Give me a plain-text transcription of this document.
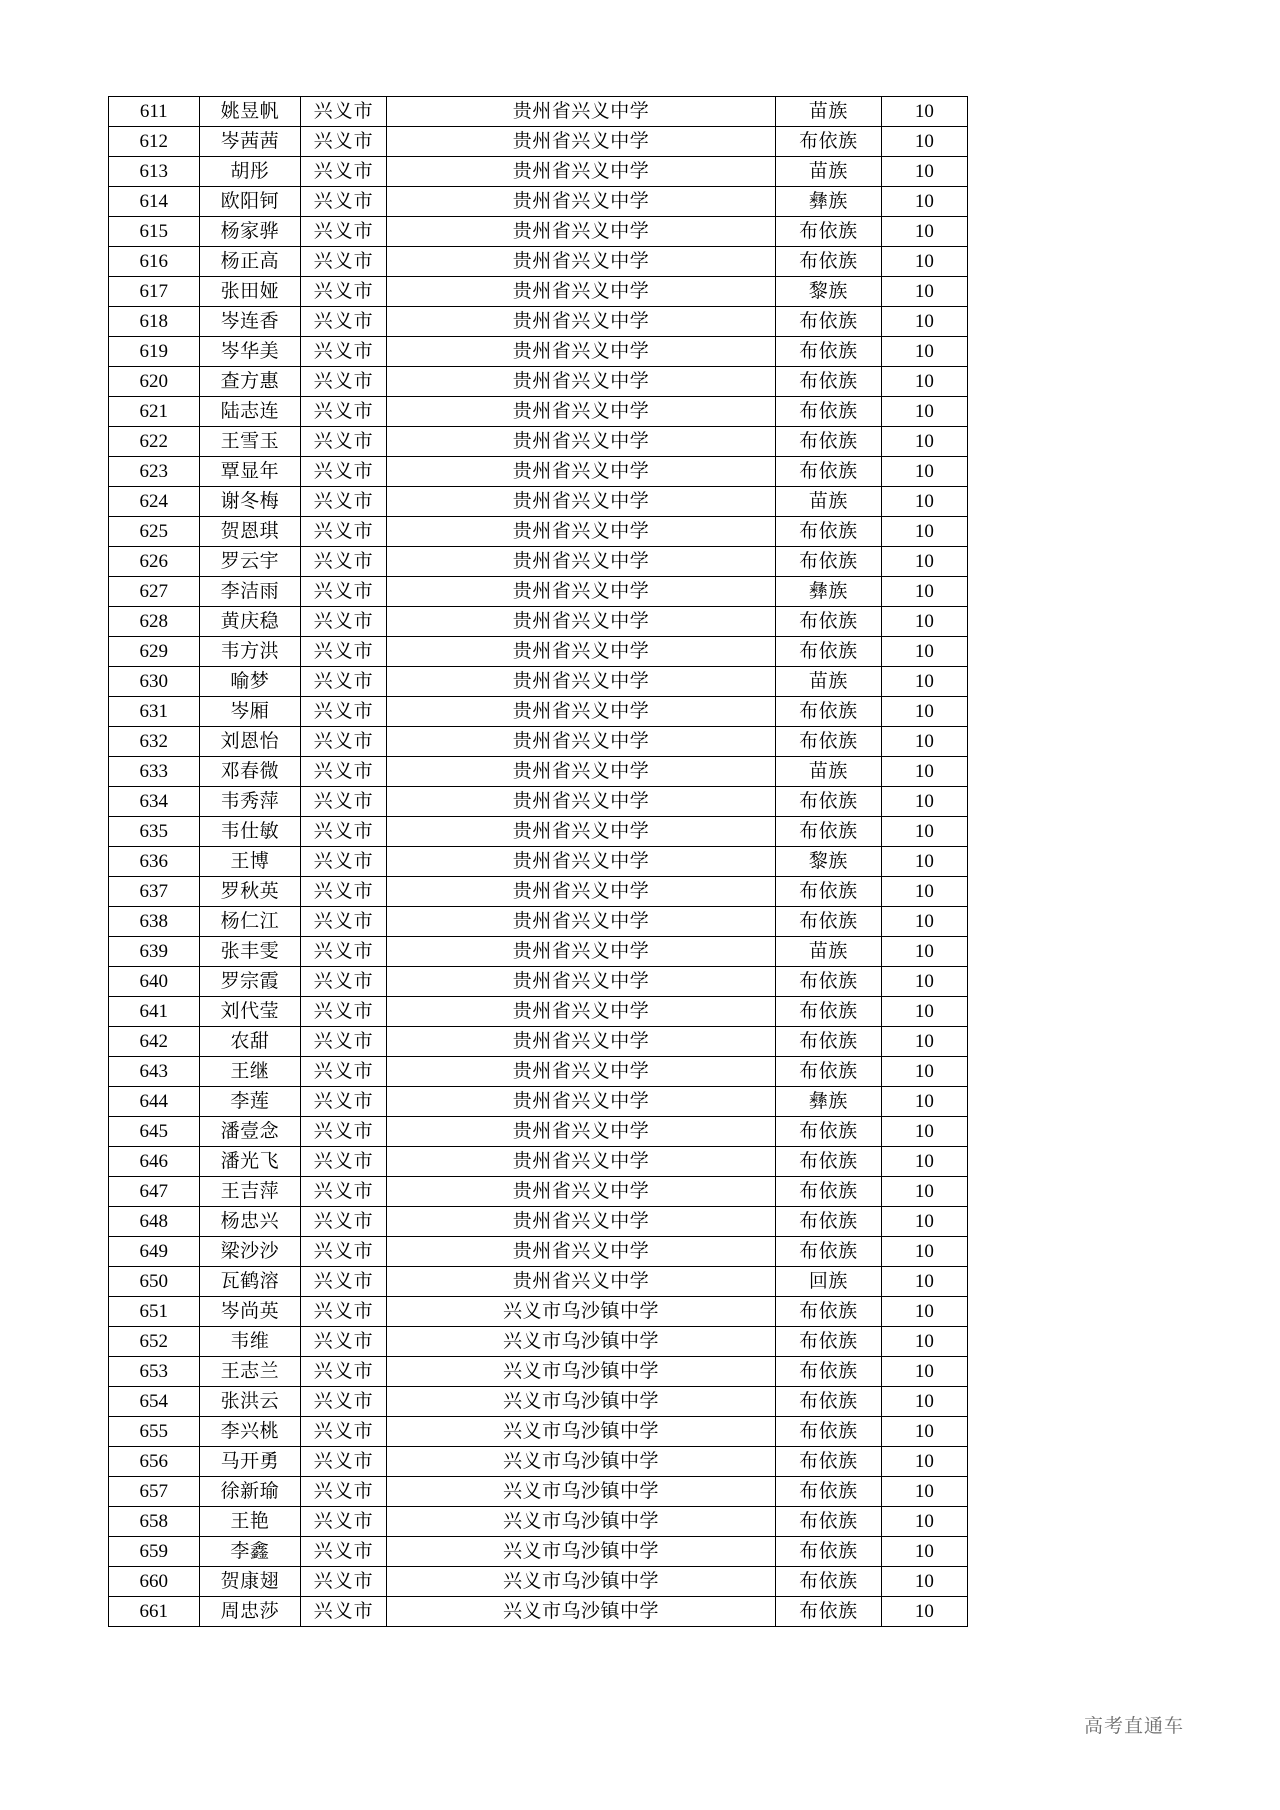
611	姚昱帆	兴义市	贵州省兴义中学	苗族	10
612	岑茜茜	兴义市	贵州省兴义中学	布依族	10
613	胡彤	兴义市	贵州省兴义中学	苗族	10
614	欧阳钶	兴义市	贵州省兴义中学	彝族	10
615	杨家骅	兴义市	贵州省兴义中学	布依族	10
616	杨正高	兴义市	贵州省兴义中学	布依族	10
617	张田娅	兴义市	贵州省兴义中学	黎族	10
618	岑连香	兴义市	贵州省兴义中学	布依族	10
619	岑华美	兴义市	贵州省兴义中学	布依族	10
620	查方惠	兴义市	贵州省兴义中学	布依族	10
621	陆志连	兴义市	贵州省兴义中学	布依族	10
622	王雪玉	兴义市	贵州省兴义中学	布依族	10
623	覃显年	兴义市	贵州省兴义中学	布依族	10
624	谢冬梅	兴义市	贵州省兴义中学	苗族	10
625	贺恩琪	兴义市	贵州省兴义中学	布依族	10
626	罗云宇	兴义市	贵州省兴义中学	布依族	10
627	李洁雨	兴义市	贵州省兴义中学	彝族	10
628	黄庆稳	兴义市	贵州省兴义中学	布依族	10
629	韦方洪	兴义市	贵州省兴义中学	布依族	10
630	喻梦	兴义市	贵州省兴义中学	苗族	10
631	岑厢	兴义市	贵州省兴义中学	布依族	10
632	刘恩怡	兴义市	贵州省兴义中学	布依族	10
633	邓春微	兴义市	贵州省兴义中学	苗族	10
634	韦秀萍	兴义市	贵州省兴义中学	布依族	10
635	韦仕敏	兴义市	贵州省兴义中学	布依族	10
636	王博	兴义市	贵州省兴义中学	黎族	10
637	罗秋英	兴义市	贵州省兴义中学	布依族	10
638	杨仁江	兴义市	贵州省兴义中学	布依族	10
639	张丰雯	兴义市	贵州省兴义中学	苗族	10
640	罗宗霞	兴义市	贵州省兴义中学	布依族	10
641	刘代莹	兴义市	贵州省兴义中学	布依族	10
642	农甜	兴义市	贵州省兴义中学	布依族	10
643	王继	兴义市	贵州省兴义中学	布依族	10
644	李莲	兴义市	贵州省兴义中学	彝族	10
645	潘壹念	兴义市	贵州省兴义中学	布依族	10
646	潘光飞	兴义市	贵州省兴义中学	布依族	10
647	王吉萍	兴义市	贵州省兴义中学	布依族	10
648	杨忠兴	兴义市	贵州省兴义中学	布依族	10
649	梁沙沙	兴义市	贵州省兴义中学	布依族	10
650	瓦鹤溶	兴义市	贵州省兴义中学	回族	10
651	岑尚英	兴义市	兴义市乌沙镇中学	布依族	10
652	韦维	兴义市	兴义市乌沙镇中学	布依族	10
653	王志兰	兴义市	兴义市乌沙镇中学	布依族	10
654	张洪云	兴义市	兴义市乌沙镇中学	布依族	10
655	李兴桃	兴义市	兴义市乌沙镇中学	布依族	10
656	马开勇	兴义市	兴义市乌沙镇中学	布依族	10
657	徐新瑜	兴义市	兴义市乌沙镇中学	布依族	10
658	王艳	兴义市	兴义市乌沙镇中学	布依族	10
659	李鑫	兴义市	兴义市乌沙镇中学	布依族	10
660	贺康翅	兴义市	兴义市乌沙镇中学	布依族	10
661	周忠莎	兴义市	兴义市乌沙镇中学	布依族	10
高考直通车
